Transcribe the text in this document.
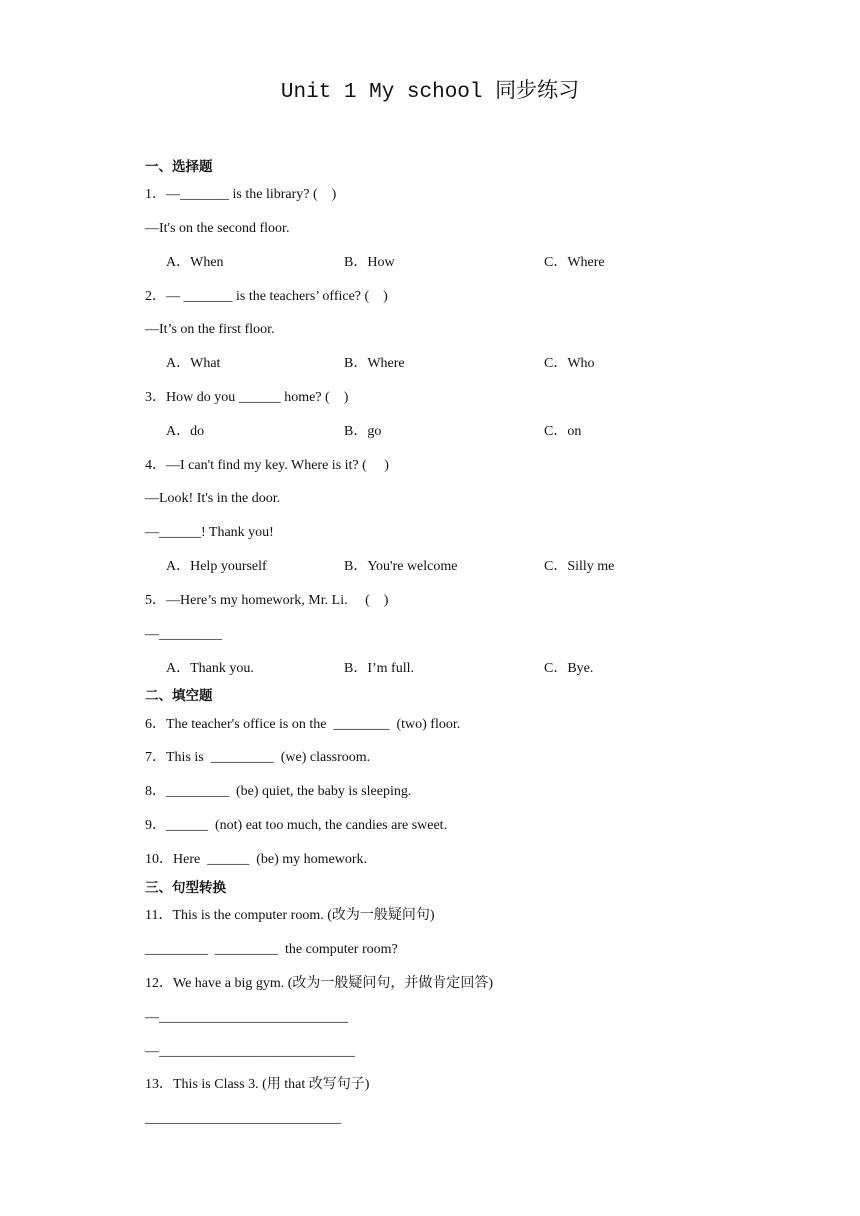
Unit 1 My school 同步练习
一、选择题
1．—_______ is the library? (    )
—It's on the second floor.
A．When	B．How	C．Where
2．— _______ is the teachers’ office? (    )
—It’s on the first floor.
A．What	B．Where	C．Who
3．How do you ______ home? (    )
A．do	B．go	C．on
4．—I can't find my key. Where is it? (     )
—Look! It's in the door.
—______! Thank you!
A．Help yourself	B．You're welcome	C．Silly me
5．—Here’s my homework, Mr. Li.     (    )
—_________
A．Thank you.	B．I’m full.	C．Bye.
二、填空题
6．The teacher's office is on the  ________  (two) floor.
7．This is  _________  (we) classroom.
8．_________  (be) quiet, the baby is sleeping.
9．______  (not) eat too much, the candies are sweet.
10．Here  ______  (be) my homework.
三、句型转换
11．This is the computer room. (改为一般疑问句)
_________  _________  the computer room?
12．We have a big gym. (改为一般疑问句，并做肯定回答)
—___________________________
—____________________________
13．This is Class 3. (用 that 改写句子)
____________________________
